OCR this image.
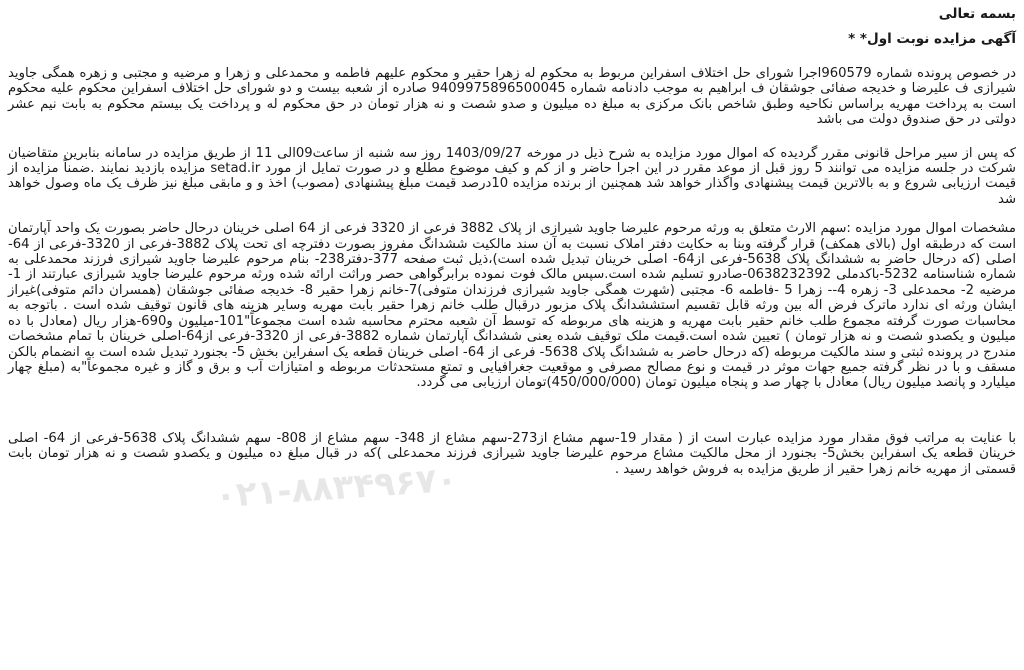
بسمه تعالی

آگهی مزایده نوبت اول* *

در خصوص پرونده شماره 960579اجرا شورای حل اختلاف اسفراین مربوط به محکوم له زهرا حقیر و محکوم علیهم فاطمه و محمدعلی و زهرا و مرضیه و مجتبی و زهره همگی جاوید شیرازی ف علیرضا و خدیجه صفائی جوشقان ف ابراهیم به موجب دادنامه شماره 9409975896500045 صادره از شعبه بیست و دو شورای حل اختلاف اسفراین محکوم علیه محکوم است به پرداخت مهریه براساس نکاحیه وطبق شاخص بانک مرکزی به مبلغ ده میلیون و صدو شصت و نه هزار تومان در حق محکوم له و پرداخت یک بیستم محکوم به بابت نیم عشر دولتی در حق صندوق دولت می باشد

که پس از سیر مراحل قانونی مقرر گردیده که اموال مورد مزایده به شرح ذیل در مورخه 1403/09/27 روز سه شنبه از ساعت09الی 11 از طریق مزایده در سامانه بنابرین متقاضیان شرکت در جلسه مزایده می توانند 5 روز قبل از موعد مقرر در این اجرا حاضر و از کم و کیف موضوع مطلع و در صورت تمایل از مورد setad.ir مزایده بازدید نمایند .ضمناً مزایده از قیمت ارزیابی شروع و به بالاترین قیمت پیشنهادی واگذار خواهد شد همچنین از برنده مزایده 10درصد قیمت مبلغ پیشنهادی (مصوب) اخذ و و مابقی مبلغ نیز ظرف یک ماه وصول خواهد شد

مشخصات اموال مورد مزایده :سهم الارث متعلق به ورثه مرحوم علیرضا جاوید شیرازی از پلاک 3882 فرعی از 3320 فرعی از 64 اصلی خرینان درحال حاضر بصورت یک واحد آپارتمان است که درطبقه اول (بالای همکف) قرار گرفته وبنا به حکایت دفتر املاک نسبت به آن سند مالکیت ششدانگ مفروز بصورت دفترچه ای تحت پلاک 3882-فرعی از 3320-فرعی از 64-اصلی (که درحال حاضر به ششدانگ پلاک 5638-فرعی از64- اصلی خرینان تبدیل شده است)،ذیل ثبت صفحه 377-دفتر238- بنام مرحوم علیرضا جاوید شیرازی فرزند محمدعلی به شماره شناسنامه 5232-باکدملی 0638232392-صادرو تسلیم شده است.سپس مالک فوت نموده برابرگواهی حصر وراثت ارائه شده ورثه مرحوم علیرضا جاوید شیرازی عبارتند از 1- مرضیه 2- محمدعلی 3- زهره 4-- زهرا 5 -فاطمه 6- مجتبی (شهرت همگی جاوید شیرازی فرزندان متوفی)7-خانم زهرا حقیر 8- خدیجه صفائی جوشقان (همسران دائم متوفی)غیراز ایشان ورثه ای ندارد ماترک فرض اله بین ورثه قابل تقسیم استششدانگ پلاک مزبور درقبال طلب خانم زهرا حقیر بابت مهریه وسایر هزینه های قانون توقیف شده است . باتوجه به محاسبات صورت گرفته مجموع طلب خانم حقیر بابت مهریه و هزینه های مربوطه که توسط آن شعبه محترم محاسبه شده است مجموعاً"101-میلیون و690-هزار ریال (معادل با ده میلیون و یکصدو شصت و نه هزار تومان ) تعیین شده است.قیمت ملک توقیف شده یعنی ششدانگ آپارتمان شماره 3882-فرعی از 3320-فرعی از64-اصلی خرینان با تمام مشخصات مندرج در پرونده ثبتی و سند مالکیت مربوطه (که درحال حاضر به ششدانگ پلاک 5638- فرعی از 64- اصلی خرینان قطعه یک اسفراین بخش 5- بجنورد تبدیل شده است به انضمام بالکن مسقف و با در نظر گرفته جمیع جهات موثر در قیمت و نوع مصالح مصرفی و موقعیت جغرافیایی و تمتع مستحدثات مربوطه و امتیازات آب و برق و گاز و غیره مجموعاً"به (مبلغ چهار میلیارد و پانصد میلیون ریال) معادل با چهار صد و پنجاه میلیون تومان (450/000/000)تومان ارزیابی می گردد.

با عنایت به مراتب فوق مقدار مورد مزایده عبارت است از ( مقدار 19-سهم مشاع از273-سهم مشاع از 348- سهم مشاع از 808- سهم ششدانگ پلاک 5638-فرعی از 64- اصلی خرینان قطعه یک اسفراین بخش5- بجنورد از محل مالکیت مشاع مرحوم علیرضا جاوید شیرازی فرزند محمدعلی )که در قبال مبلغ ده میلیون و یکصدو شصت و نه هزار تومان بابت قسمتی از مهریه خانم زهرا حقیر از طریق مزایده به فروش خواهد رسید .

۰۲۱-۸۸۳۴۹۶۷۰
